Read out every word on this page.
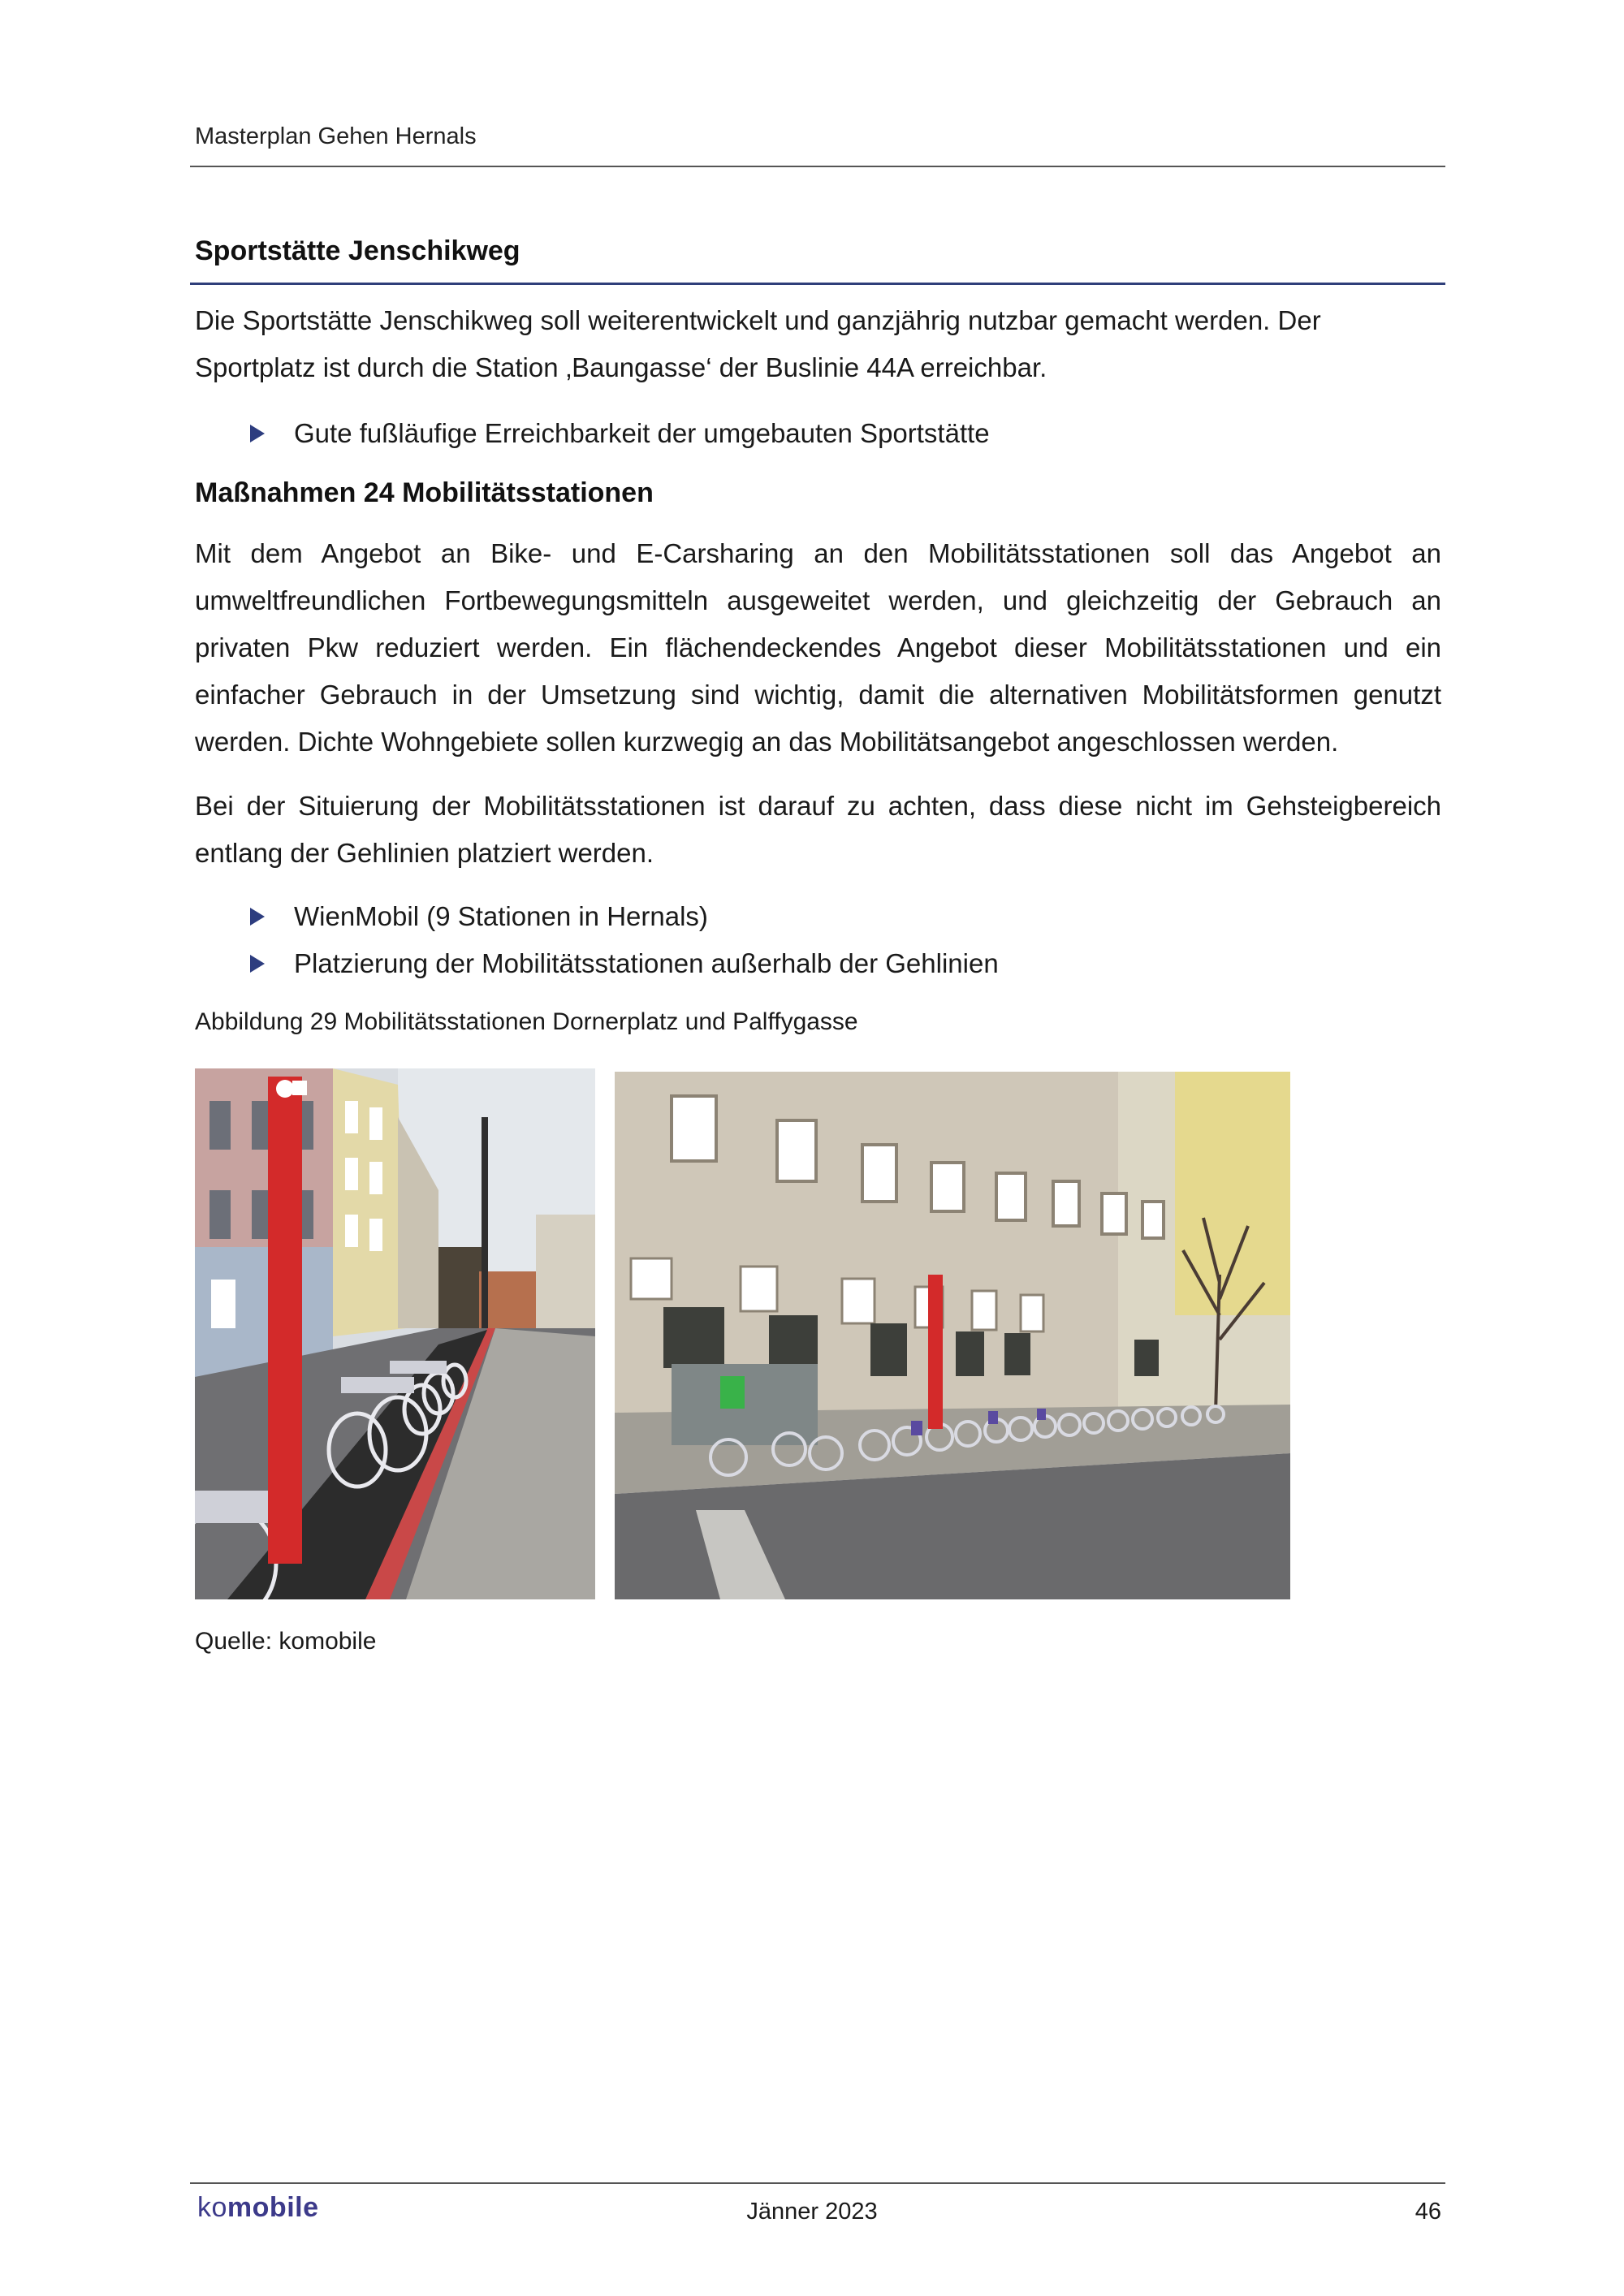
Masterplan Gehen Hernals
Sportstätte Jenschikweg
Die Sportstätte Jenschikweg soll weiterentwickelt und ganzjährig nutzbar gemacht werden. Der
Sportplatz ist durch die Station ‚Baungasse‘ der Buslinie 44A erreichbar.
Gute fußläufige Erreichbarkeit der umgebauten Sportstätte
Maßnahmen 24 Mobilitätsstationen
Mit dem Angebot an Bike- und E-Carsharing an den Mobilitätsstationen soll das Angebot an umweltfreundlichen Fortbewegungsmitteln ausgeweitet werden, und gleichzeitig der Gebrauch an privaten Pkw reduziert werden. Ein flächendeckendes Angebot dieser Mobilitätsstationen und ein einfacher Gebrauch in der Umsetzung sind wichtig, damit die alternativen Mobilitätsformen genutzt werden. Dichte Wohngebiete sollen kurzwegig an das Mobilitätsangebot angeschlossen werden.
Bei der Situierung der Mobilitätsstationen ist darauf zu achten, dass diese nicht im Gehsteigbereich entlang der Gehlinien platziert werden.
WienMobil (9 Stationen in Hernals)
Platzierung der Mobilitätsstationen außerhalb der Gehlinien
Abbildung 29 Mobilitätsstationen Dornerplatz und Palffygasse
Quelle: komobile
komobile	Jänner 2023	46
